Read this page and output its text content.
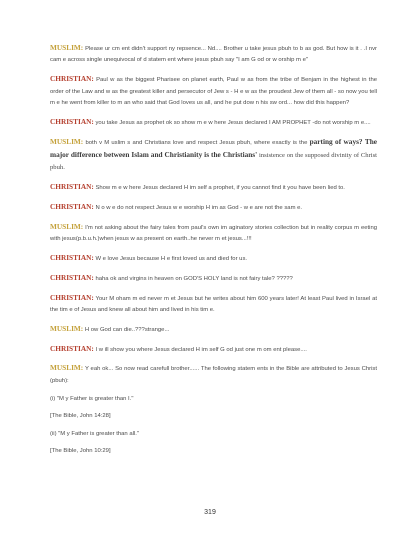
MUSLIM: Please ur cm ent didn't support ny repsence... Nd.... Brother u take jesus pbuh to b as god. But how is it . .I nvr cam e across single unequivocal of d statem ent where jesus pbuh say "I am G od or w orship m e"

CHRISTIAN: Paul w as the biggest Pharisee on planet earth, Paul w as from the tribe of Benjam in the highest in the order of the Law and w as the greatest killer and persecutor of Jew s - H e w as the proudest Jew of them all - so now you tell m e he went from killer to m an who said that God loves us all, and he put dow n his sw ord... how did this happen?

CHRISTIAN: you take Jesus as prophet ok so show m e w here Jesus declared I AM PROPHET -do not worship m e....

MUSLIM: both v M uslim s and Christians love and respect Jesus pbuh, where exactly is the parting of ways? The major difference between Islam and Christianity is the Christians' insistence on the supposed divinity of Christ pbuh.

CHRISTIAN: Show m e w here Jesus declared H im self a prophet, if you cannot find it you have been lied to.

CHRISTIAN: N o w e do not respect Jesus w e worship H im as God - w e are not the sam e.

MUSLIM: I'm not asking about the fairy tales from paul's own im aginatory stories collection but in reality corpus m eeting with jesus(p.b.u.h.)when jesus w as present on earth..he never m et jesus...!!!

CHRISTIAN: W e love Jesus because H e first loved us and died for us.

CHRISTIAN: haha ok and virgins in heaven on GOD'S HOLY land is not fairy tale? ?????

CHRISTIAN: Your M oham m ed never m et Jesus but he writes about him 600 years later! At least Paul lived in Israel at the tim e of Jesus and knew all about him and lived in his tim e.

MUSLIM: H ow God can die..???strange...

CHRISTIAN: I w ill show you where Jesus declared H im self G od just one m om ent please....

MUSLIM: Y eah ok... So now read carefull brother...... The following statem ents in the Bible are attributed to Jesus Christ (pbuh):

(i) "M y Father is greater than I."

[The Bible, John 14:28]

(ii) "M y Father is greater than all."

[The Bible, John 10:29]

319
